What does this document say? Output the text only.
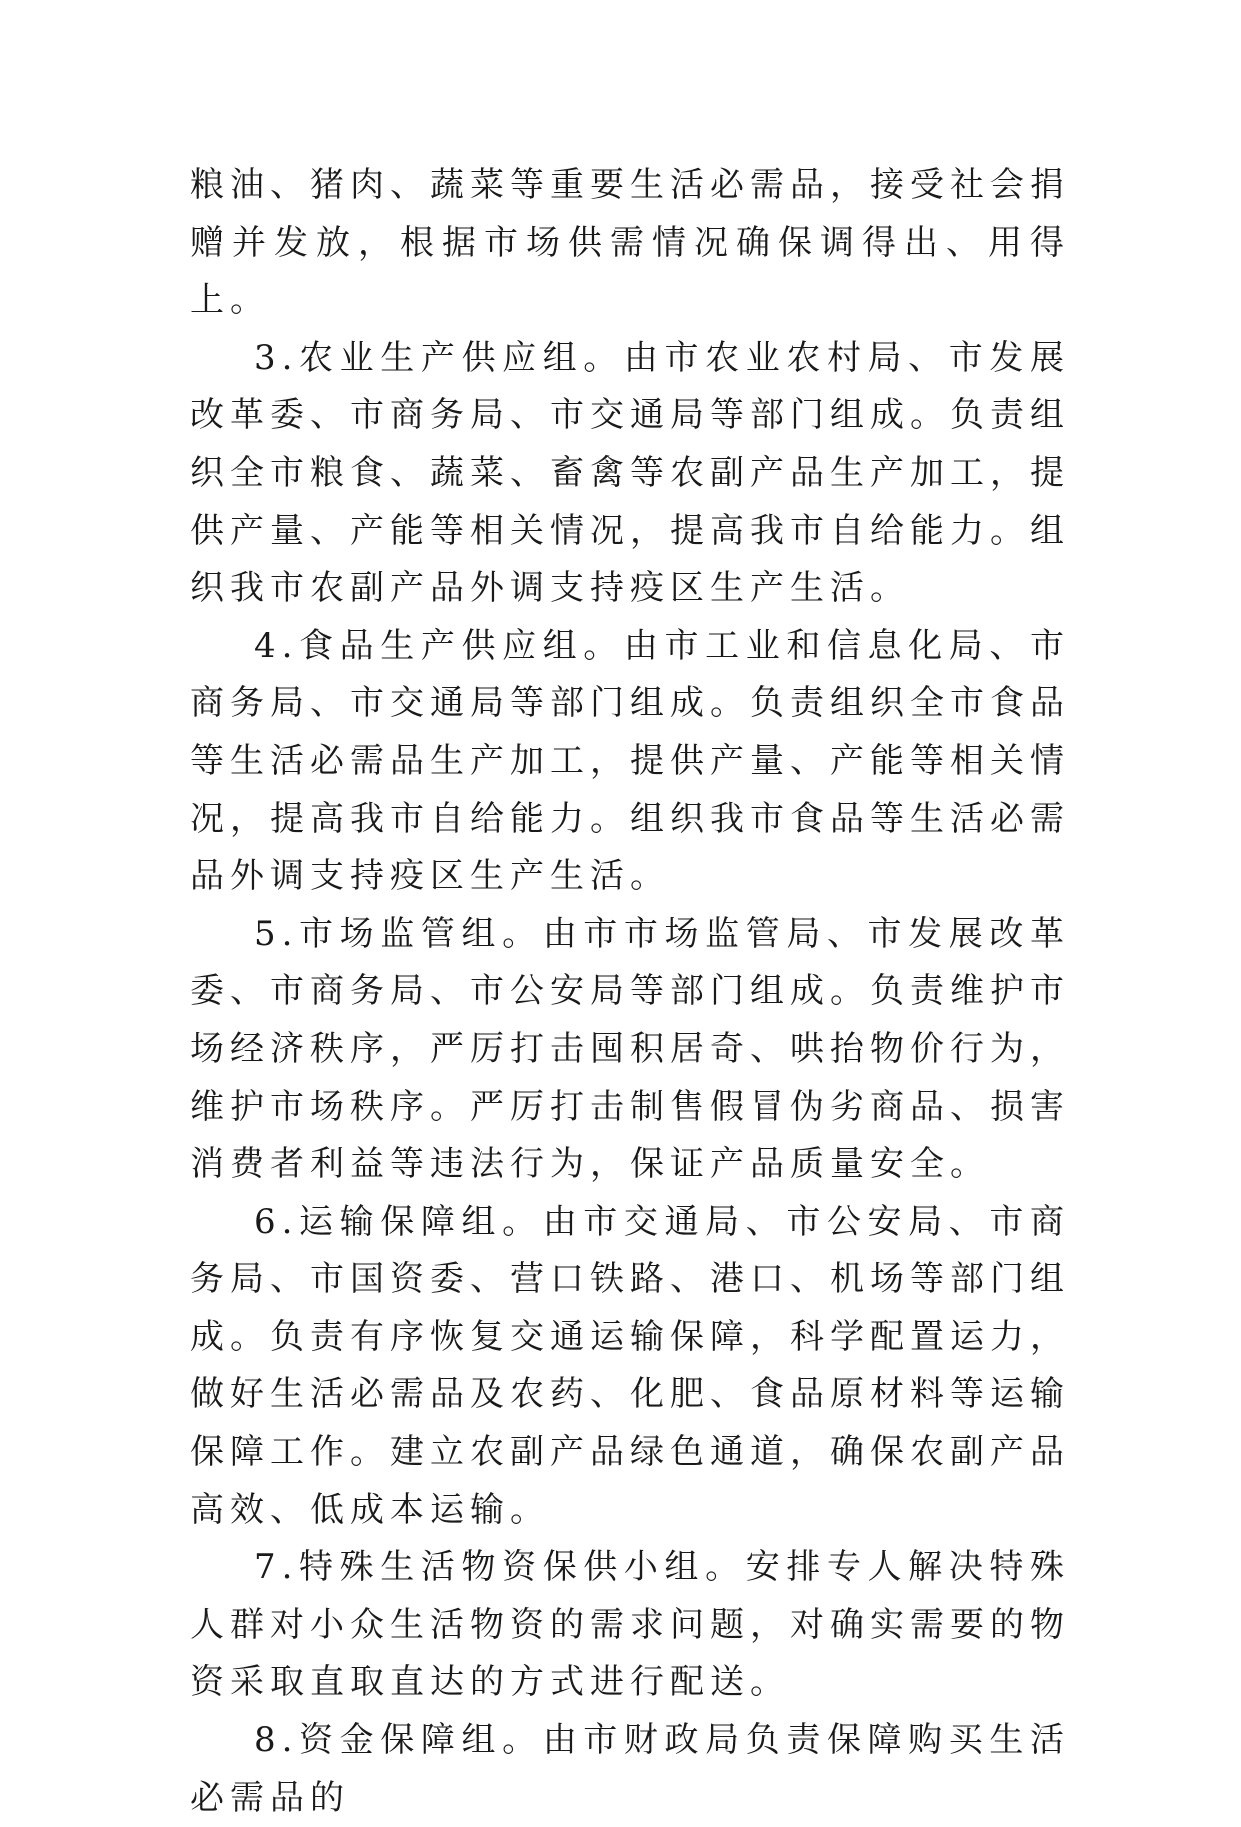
粮油、猪肉、蔬菜等重要生活必需品，接受社会捐赠并发放，根据市场供需情况确保调得出、用得上。

3.农业生产供应组。由市农业农村局、市发展改革委、市商务局、市交通局等部门组成。负责组织全市粮食、蔬菜、畜禽等农副产品生产加工，提供产量、产能等相关情况，提高我市自给能力。组织我市农副产品外调支持疫区生产生活。

4.食品生产供应组。由市工业和信息化局、市商务局、市交通局等部门组成。负责组织全市食品等生活必需品生产加工，提供产量、产能等相关情况，提高我市自给能力。组织我市食品等生活必需品外调支持疫区生产生活。

5.市场监管组。由市市场监管局、市发展改革委、市商务局、市公安局等部门组成。负责维护市场经济秩序，严厉打击囤积居奇、哄抬物价行为，维护市场秩序。严厉打击制售假冒伪劣商品、损害消费者利益等违法行为，保证产品质量安全。

6.运输保障组。由市交通局、市公安局、市商务局、市国资委、营口铁路、港口、机场等部门组成。负责有序恢复交通运输保障，科学配置运力，做好生活必需品及农药、化肥、食品原材料等运输保障工作。建立农副产品绿色通道，确保农副产品高效、低成本运输。

7.特殊生活物资保供小组。安排专人解决特殊人群对小众生活物资的需求问题，对确实需要的物资采取直取直达的方式进行配送。

8.资金保障组。由市财政局负责保障购买生活必需品的
